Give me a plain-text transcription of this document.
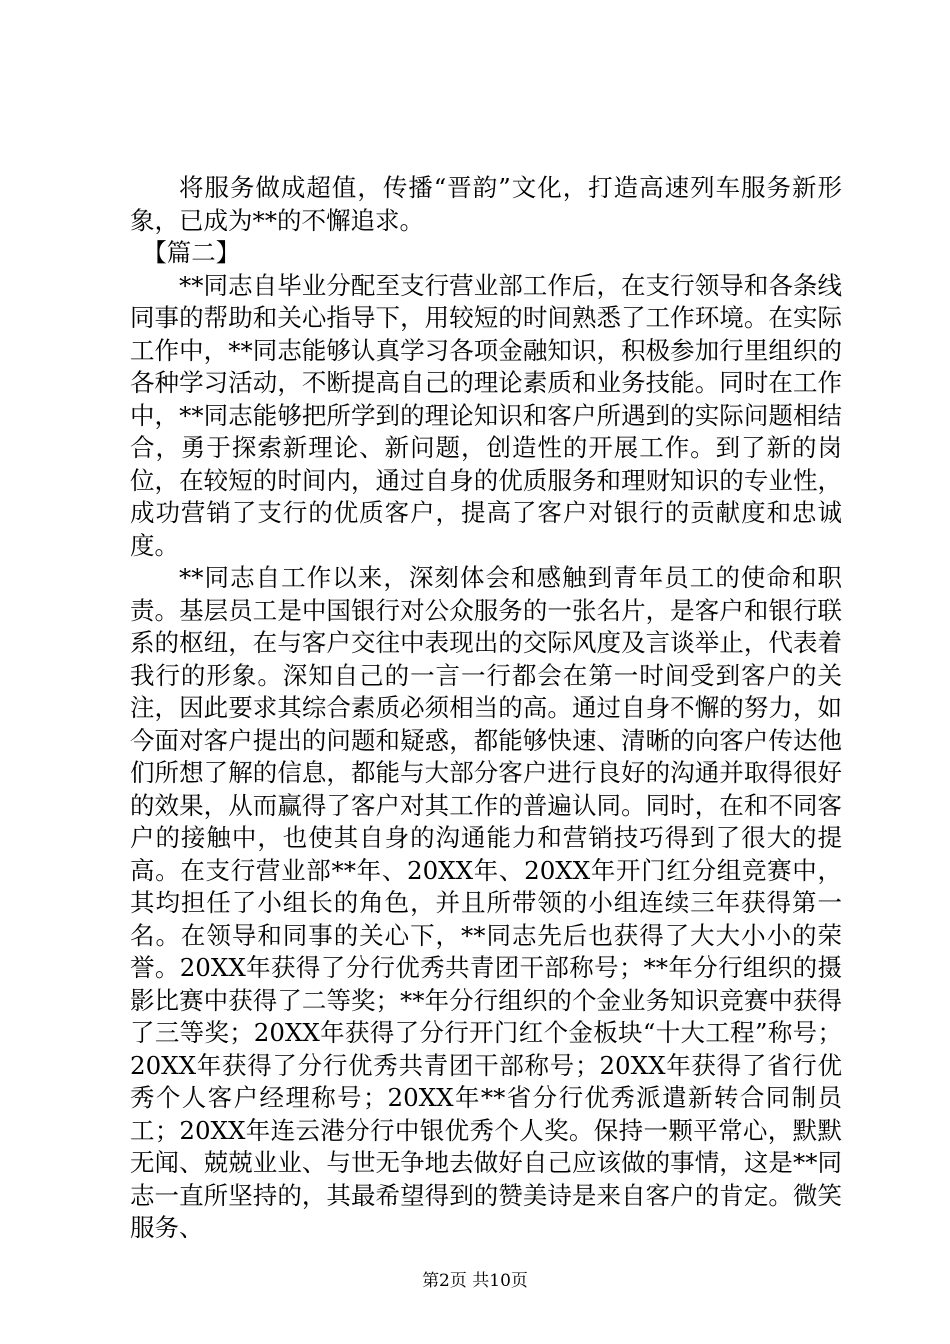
将服务做成超值，传播“晋韵”文化，打造高速列车服务新形象，已成为**的不懈追求。

【篇二】

**同志自毕业分配至支行营业部工作后，在支行领导和各条线同事的帮助和关心指导下，用较短的时间熟悉了工作环境。在实际工作中，**同志能够认真学习各项金融知识，积极参加行里组织的各种学习活动，不断提高自己的理论素质和业务技能。同时在工作中，**同志能够把所学到的理论知识和客户所遇到的实际问题相结合，勇于探索新理论、新问题，创造性的开展工作。到了新的岗位，在较短的时间内，通过自身的优质服务和理财知识的专业性，成功营销了支行的优质客户，提高了客户对银行的贡献度和忠诚度。

**同志自工作以来，深刻体会和感触到青年员工的使命和职责。基层员工是中国银行对公众服务的一张名片，是客户和银行联系的枢纽，在与客户交往中表现出的交际风度及言谈举止，代表着我行的形象。深知自己的一言一行都会在第一时间受到客户的关注，因此要求其综合素质必须相当的高。通过自身不懈的努力，如今面对客户提出的问题和疑惑，都能够快速、清晰的向客户传达他们所想了解的信息，都能与大部分客户进行良好的沟通并取得很好的效果，从而赢得了客户对其工作的普遍认同。同时，在和不同客户的接触中，也使其自身的沟通能力和营销技巧得到了很大的提高。在支行营业部**年、20XX年、20XX年开门红分组竞赛中，其均担任了小组长的角色，并且所带领的小组连续三年获得第一名。在领导和同事的关心下，**同志先后也获得了大大小小的荣誉。20XX年获得了分行优秀共青团干部称号；**年分行组织的摄影比赛中获得了二等奖；**年分行组织的个金业务知识竞赛中获得了三等奖；20XX年获得了分行开门红个金板块“十大工程”称号；20XX年获得了分行优秀共青团干部称号；20XX年获得了省行优秀个人客户经理称号；20XX年**省分行优秀派遣新转合同制员工；20XX年连云港分行中银优秀个人奖。保持一颗平常心，默默无闻、兢兢业业、与世无争地去做好自己应该做的事情，这是**同志一直所坚持的，其最希望得到的赞美诗是来自客户的肯定。微笑服务、

第2页 共10页
